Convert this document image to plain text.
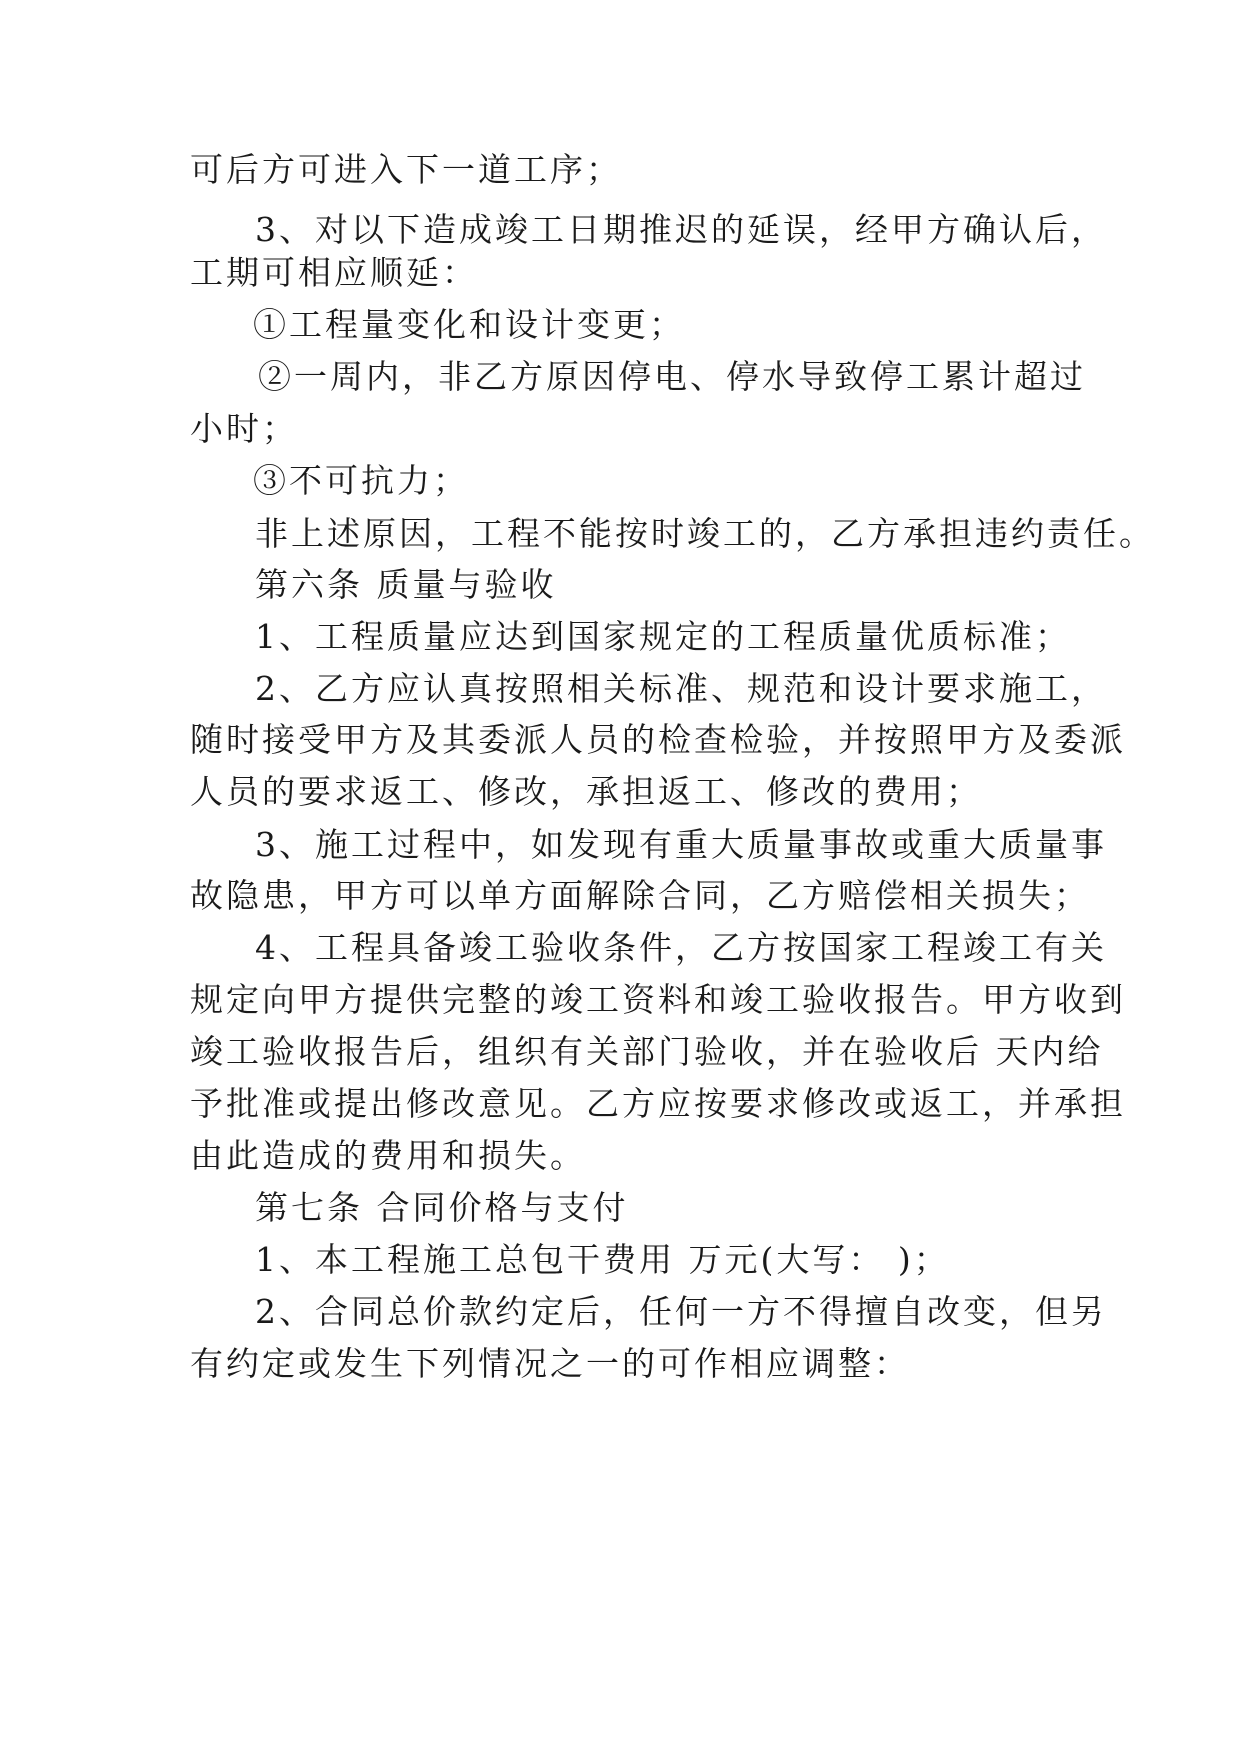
可后方可进入下一道工序；
3、对以下造成竣工日期推迟的延误，经甲方确认后，
工期可相应顺延：
①工程量变化和设计变更；
②一周内，非乙方原因停电、停水导致停工累计超过
小时；
③不可抗力；
非上述原因，工程不能按时竣工的，乙方承担违约责任。
第六条 质量与验收
1、工程质量应达到国家规定的工程质量优质标准；
2、乙方应认真按照相关标准、规范和设计要求施工，
随时接受甲方及其委派人员的检查检验，并按照甲方及委派
人员的要求返工、修改，承担返工、修改的费用；
3、施工过程中，如发现有重大质量事故或重大质量事
故隐患，甲方可以单方面解除合同，乙方赔偿相关损失；
4、工程具备竣工验收条件，乙方按国家工程竣工有关
规定向甲方提供完整的竣工资料和竣工验收报告。甲方收到
竣工验收报告后，组织有关部门验收，并在验收后 天内给
予批准或提出修改意见。乙方应按要求修改或返工，并承担
由此造成的费用和损失。
第七条 合同价格与支付
1、本工程施工总包干费用 万元(大写： )；
2、合同总价款约定后，任何一方不得擅自改变，但另
有约定或发生下列情况之一的可作相应调整：
